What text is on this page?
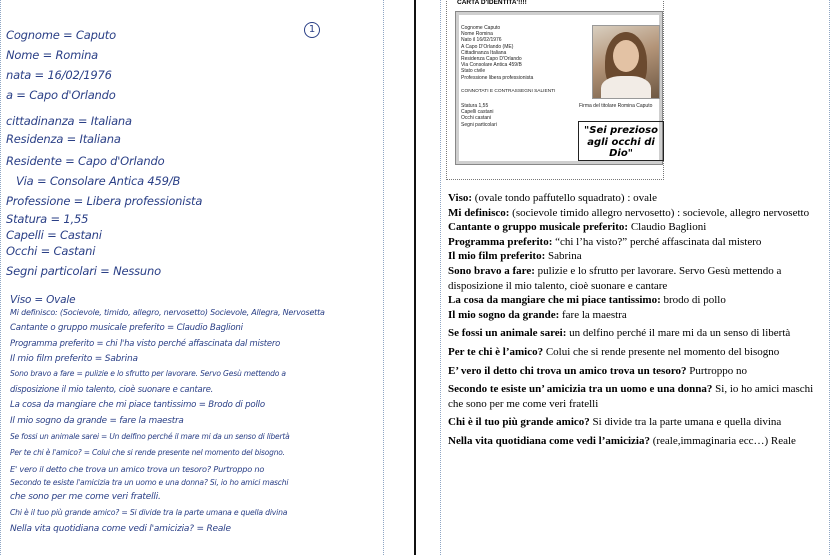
1
Cognome = Caputo
Nome = Romina
nata = 16/02/1976
a = Capo d'Orlando
cittadinanza = Italiana
Residenza = Italiana
Residente = Capo d'Orlando
Via = Consolare Antica 459/B
Professione = Libera professionista
Statura = 1,55
Capelli = Castani
Occhi = Castani
Segni particolari = Nessuno
Viso = Ovale
Mi definisco: (Socievole, timido, allegro, nervosetto) Socievole, Allegra, Nervosetta
Cantante o gruppo musicale preferito = Claudio Baglioni
Programma preferito = chi l'ha visto perché affascinata dal mistero
Il mio film preferito = Sabrina
Sono bravo a fare = pulizie e lo sfrutto per lavorare. Servo Gesù mettendo a
disposizione il mio talento, cioè suonare e cantare.
La cosa da mangiare che mi piace tantissimo = Brodo di pollo
Il mio sogno da grande = fare la maestra
Se fossi un animale sarei = Un delfino perché il mare mi da un senso di libertà
Per te chi è l'amico? = Colui che si rende presente nel momento del bisogno.
E' vero il detto che trova un amico trova un tesoro? Purtroppo no
Secondo te esiste l'amicizia tra un uomo e una donna? Si, io ho amici maschi
che sono per me come veri fratelli.
Chi è il tuo più grande amico? = Si divide tra la parte umana e quella divina
Nella vita quotidiana come vedi l'amicizia? = Reale
CARTA D'IDENTITA'!!!!
Cognome Caputo
Nome Romina
Nato il 16/02/1976
A Capo D'Orlando (ME)
Cittadinanza Italiana
Residenza Capo D'Orlando
Via Consolare Antica 459/B
Stato civile
Professione libera professionista
CONNOTATI E CONTRASSEGNI SALIENTI
Statura 1,55
Capelli castani
Occhi castani
Segni particolari
Firma del titolare Romina Caputo
"Sei prezioso
agli occhi di
Dio"

Viso: (ovale tondo paffutello squadrato) : ovale

Mi definisco: (socievole timido allegro nervosetto) : socievole, allegro nervosetto

Cantante o gruppo musicale preferito: Claudio Baglioni

Programma preferito: “chi l’ha visto?” perché affascinata dal mistero

Il mio film preferito: Sabrina

Sono bravo a fare: pulizie e lo sfrutto per lavorare. Servo Gesù mettendo a disposizione il mio talento, cioè suonare e cantare

La cosa da mangiare che mi piace tantissimo: brodo di pollo

Il mio sogno da grande: fare la maestra

Se fossi un animale sarei: un delfino perché il mare mi da un senso di libertà

Per te chi è l’amico? Colui che si rende presente nel momento del bisogno

E’ vero il detto chi trova un amico trova un tesoro? Purtroppo no

Secondo te esiste un’ amicizia tra un uomo e una donna? Si, io ho amici maschi che sono per me come veri fratelli

Chi è il tuo più grande amico? Si divide tra la parte umana e quella divina

Nella vita quotidiana come vedi l’amicizia? (reale,immaginaria ecc…) Reale
